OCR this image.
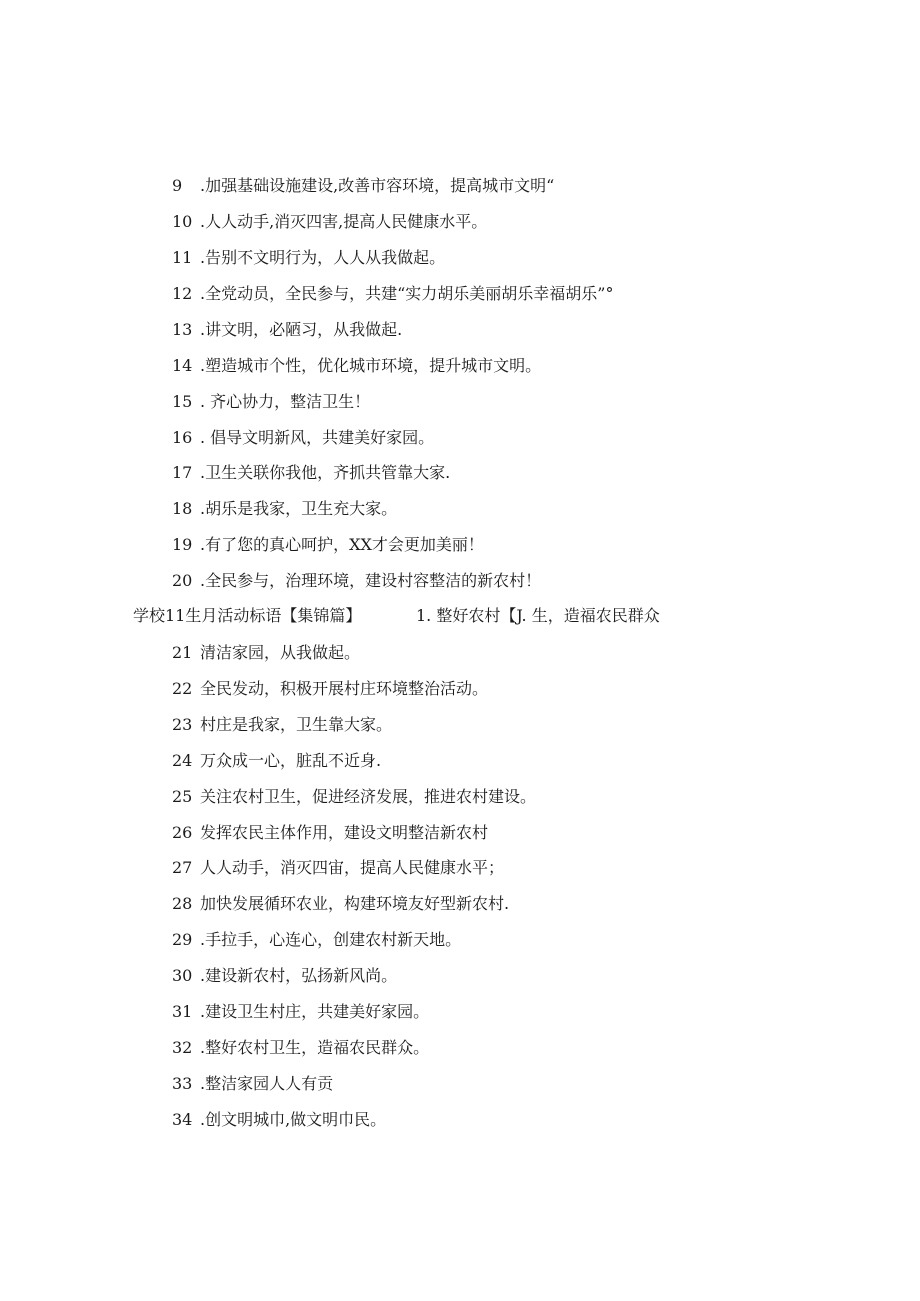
9 .加强基础设施建设,改善市容环境，提高城市文明“
10 .人人动手,消灭四害,提高人民健康水平。
11 .告别不文明行为，人人从我做起。
12 .全党动员，全民参与，共建“实力胡乐美丽胡乐幸福胡乐”°
13 .讲文明，必陋习，从我做起.
14 .塑造城市个性，优化城市环境，提升城市文明。
15 . 齐心协力，整洁卫生！
16 . 倡导文明新风，共建美好家园。
17 .卫生关联你我他，齐抓共管靠大家.
18 .胡乐是我家，卫生充大家。
19 .有了您的真心呵护，XX才会更加美丽！
20 .全民参与，治理环境，建设村容整洁的新农村！
学校11生月活动标语【集锦篇】	1. 整好农村【J. 生，造福农民群众
21 清洁家园，从我做起。
22 全民发动，积极开展村庄环境整治活动。
23 村庄是我家，卫生靠大家。
24 万众成一心，脏乱不近身.
25 关注农村卫生，促进经济发展，推进农村建设。
26 发挥农民主体作用，建设文明整洁新农村
27 人人动手，消灭四宙，提高人民健康水平；
28 加快发展循环农业，构建环境友好型新农村.
29 .手拉手，心连心，创建农村新天地。
30 .建设新农村，弘扬新风尚。
31 .建设卫生村庄，共建美好家园。
32 .整好农村卫生，造福农民群众。
33 .整洁家园人人有贡
34 .创文明城巾,做文明巾民。
